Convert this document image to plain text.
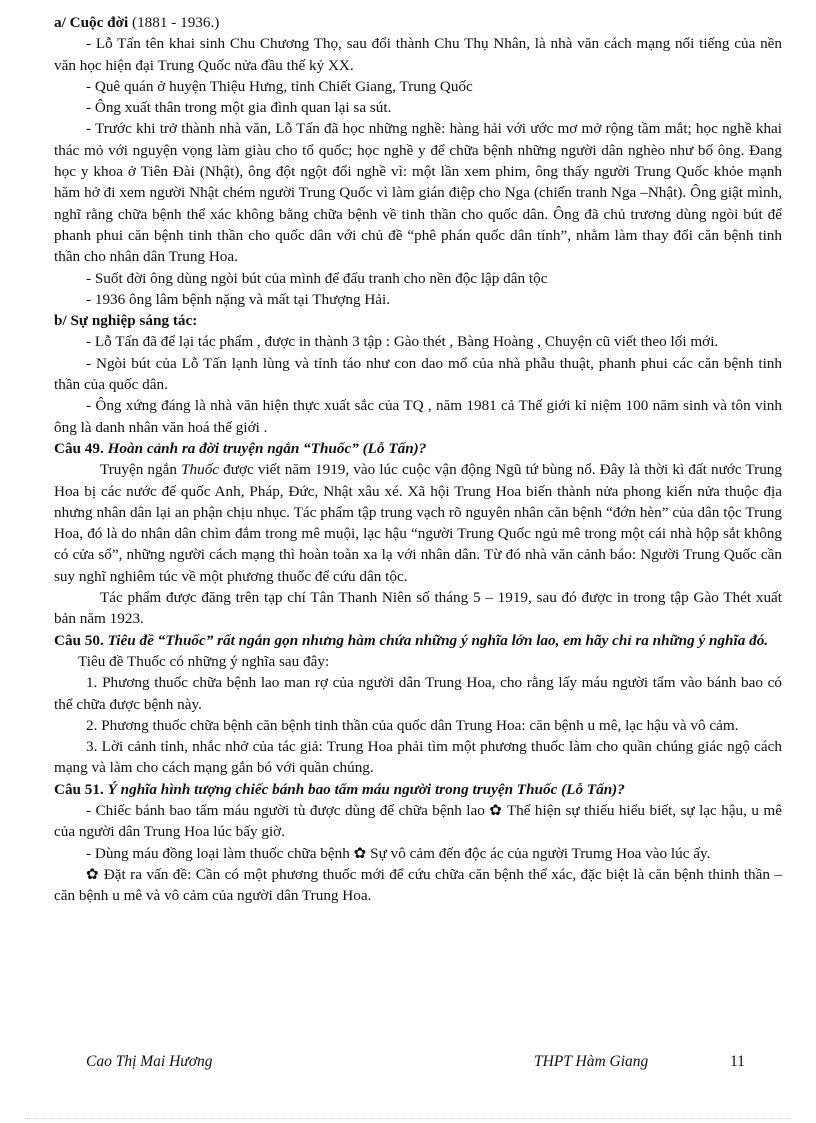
a/ Cuộc đời (1881 - 1936.)

- Lỗ Tấn tên khai sinh Chu Chương Thọ, sau đổi thành Chu Thụ Nhân, là nhà văn cách mạng nổi tiếng của nền văn học hiện đại Trung Quốc nửa đầu thế kỷ XX.

- Quê quán ở huyện Thiệu Hưng, tỉnh Chiết Giang, Trung Quốc

- Ông xuất thân trong một gia đình quan lại sa sút.

- Trước khi trở thành nhà văn, Lỗ Tấn đã học những nghề: hàng hải với ước mơ mở rộng tầm mắt; học nghề khai thác mỏ với nguyện vọng làm giàu cho tổ quốc; học nghề y để chữa bệnh những người dân nghèo như bố ông. Đang học y khoa ở Tiên Đài (Nhật), ông đột ngột đổi nghề vì: một lần xem phim, ông thấy người Trung Quốc khỏe mạnh hăm hở đi xem người Nhật chém người Trung Quốc vì làm gián điệp cho Nga (chiến tranh Nga –Nhật). Ông giật mình, nghĩ rằng chữa bệnh thể xác không bằng chữa bệnh về tinh thần cho quốc dân. Ông đã chủ trương dùng ngòi bút để phanh phui căn bệnh tinh thần cho quốc dân với chủ đề “phê phán quốc dân tính”, nhằm làm thay đổi căn bệnh tinh thần cho nhân dân Trung Hoa.

- Suốt đời ông dùng ngòi bút của mình để đấu tranh cho nền độc lập dân tộc

- 1936 ông lâm bệnh nặng và mất tại Thượng Hải.

b/ Sự nghiệp sáng tác:

- Lỗ Tấn đã để lại tác phẩm , được in thành 3 tập : Gào thét , Bàng Hoàng , Chuyện cũ viết theo lối mới.

- Ngòi bút của Lỗ Tấn lạnh lùng và tỉnh táo như con dao mổ của nhà phẫu thuật, phanh phui các căn bệnh tinh thần của quốc dân.

- Ông xứng đáng là nhà văn hiện thực xuất sắc của TQ , năm 1981 cả Thế giới kỉ niệm 100 năm sinh và tôn vinh ông là danh nhân văn hoá thế giới .

Câu 49. Hoàn cảnh ra đời truyện ngắn “Thuốc” (Lỗ Tấn)?

Truyện ngắn Thuốc được viết năm 1919, vào lúc cuộc vận động Ngũ tứ bùng nổ. Đây là thời kì đất nước Trung Hoa bị các nước đế quốc Anh, Pháp, Đức, Nhật xâu xé. Xã hội Trung Hoa biến thành nửa phong kiến nửa thuộc địa nhưng nhân dân lại an phận chịu nhục. Tác phẩm tập trung vạch rõ nguyên nhân căn bệnh “đớn hèn” của dân tộc Trung Hoa, đó là do nhân dân chìm đắm trong mê muội, lạc hậu “người Trung Quốc ngủ mê trong một cái nhà hộp sắt không có cửa sổ”, những người cách mạng thì hoàn toàn xa lạ với nhân dân. Từ đó nhà văn cảnh báo: Người Trung Quốc cần suy nghĩ nghiêm túc về một phương thuốc để cứu dân tộc.

Tác phẩm được đăng trên tạp chí Tân Thanh Niên số tháng 5 – 1919, sau đó được in trong tập Gào Thét xuất bản năm 1923.

Câu 50. Tiêu đề “Thuốc” rất ngắn gọn nhưng hàm chứa những ý nghĩa lớn lao, em hãy chỉ ra những ý nghĩa đó.

Tiêu đề Thuốc có những ý nghĩa sau đây:

1. Phương thuốc chữa bệnh lao man rợ của người dân Trung Hoa, cho rằng lấy máu người tẩm vào bánh bao có thể chữa được bệnh này.

2. Phương thuốc chữa bệnh căn bệnh tinh thần của quốc dân Trung Hoa: căn bệnh u mê, lạc hậu và vô cảm.

3. Lời cảnh tỉnh, nhắc nhở của tác giả: Trung Hoa phải tìm một phương thuốc làm cho quần chúng giác ngộ cách mạng và làm cho cách mạng gắn bó với quần chúng.

Câu 51. Ý nghĩa hình tượng chiếc bánh bao tẩm máu người trong truyện Thuốc (Lỗ Tấn)?

- Chiếc bánh bao tẩm máu người tù được dùng để chữa bệnh lao ✿ Thể hiện sự thiếu hiểu biết, sự lạc hậu, u mê của người dân Trung Hoa lúc bấy giờ.

- Dùng máu đồng loại làm thuốc chữa bệnh ✿ Sự vô cảm đến độc ác của người Trumg Hoa vào lúc ấy.

✿ Đặt ra vấn đề: Cần có một phương thuốc mới để cứu chữa căn bệnh thể xác, đặc biệt là căn bệnh thinh thần – căn bệnh u mê và vô cảm của người dân Trung Hoa.

Cao Thị Mai Hương	THPT Hàm Giang	11
